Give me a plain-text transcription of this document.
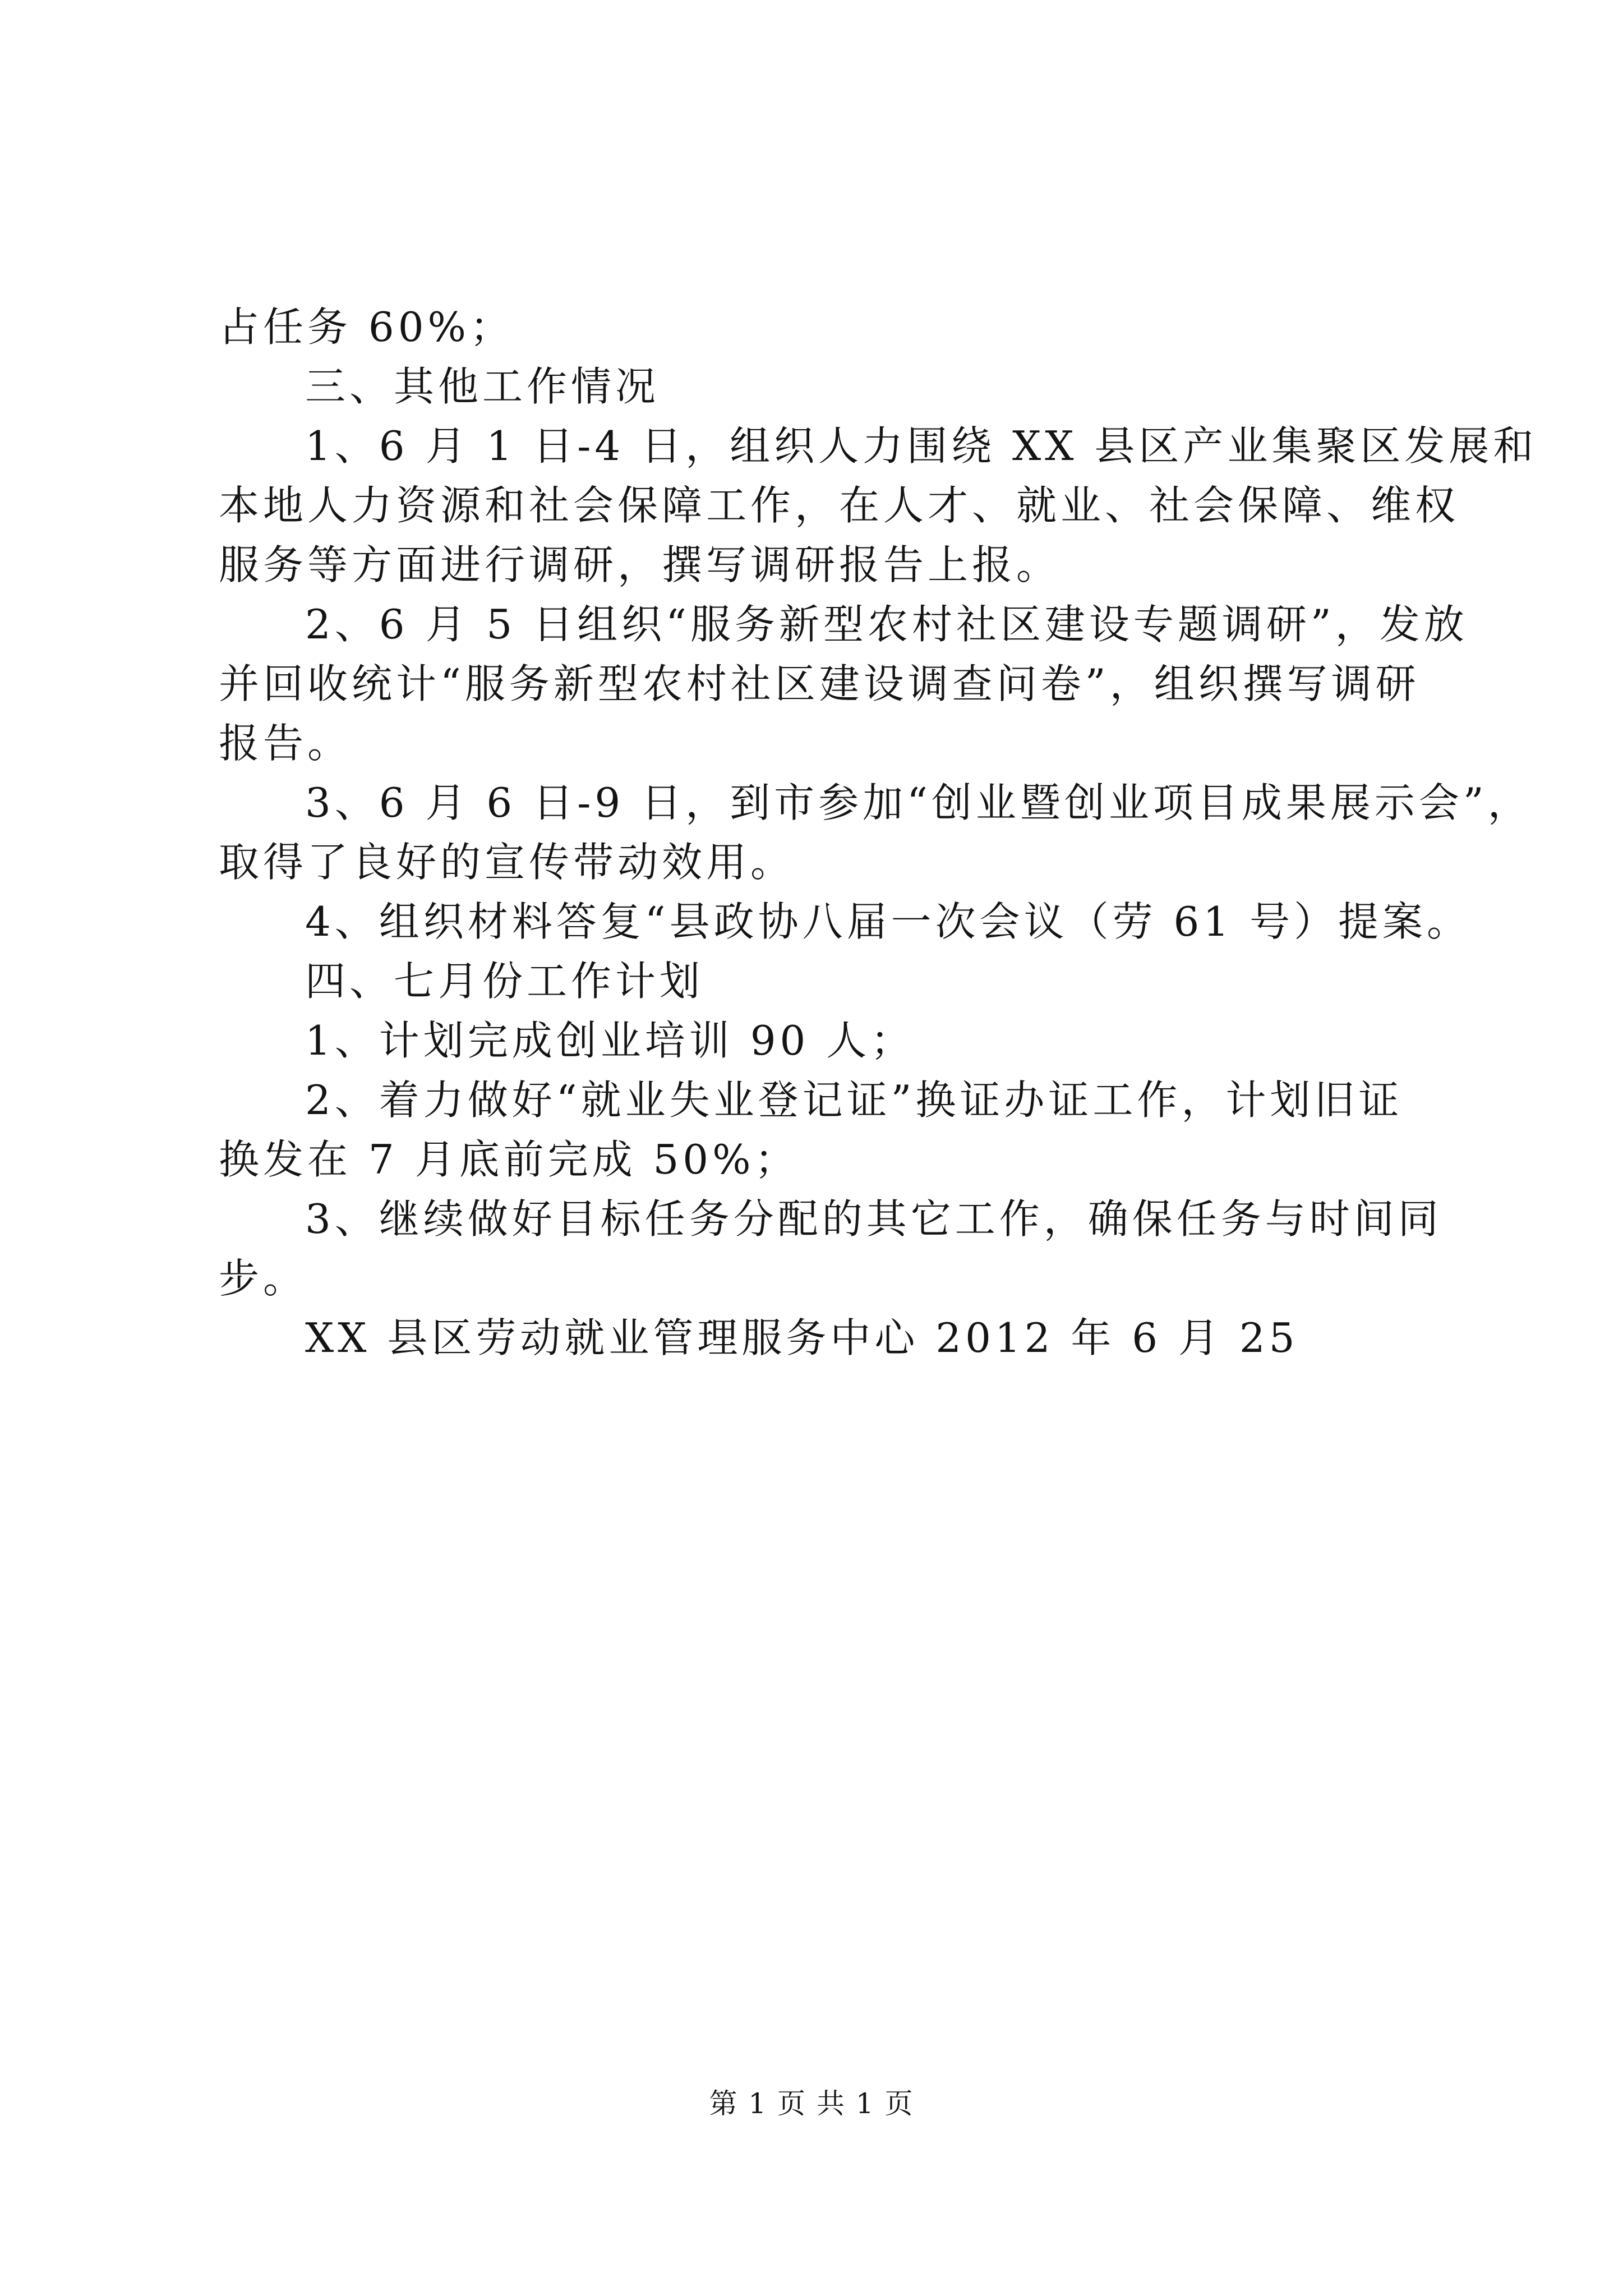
占任务 60%；
三、其他工作情况
1、6 月 1 日-4 日，组织人力围绕 XX 县区产业集聚区发展和
本地人力资源和社会保障工作，在人才、就业、社会保障、维权
服务等方面进行调研，撰写调研报告上报。
2、6 月 5 日组织“服务新型农村社区建设专题调研”，发放
并回收统计“服务新型农村社区建设调查问卷”，组织撰写调研
报告。
3、6 月 6 日-9 日，到市参加“创业暨创业项目成果展示会”，
取得了良好的宣传带动效用。
4、组织材料答复“县政协八届一次会议（劳 61 号）提案。
四、七月份工作计划
1、计划完成创业培训 90 人；
2、着力做好“就业失业登记证”换证办证工作，计划旧证
换发在 7 月底前完成 50%；
3、继续做好目标任务分配的其它工作，确保任务与时间同
步。
XX 县区劳动就业管理服务中心 2012 年 6 月 25
第 1 页 共 1 页
